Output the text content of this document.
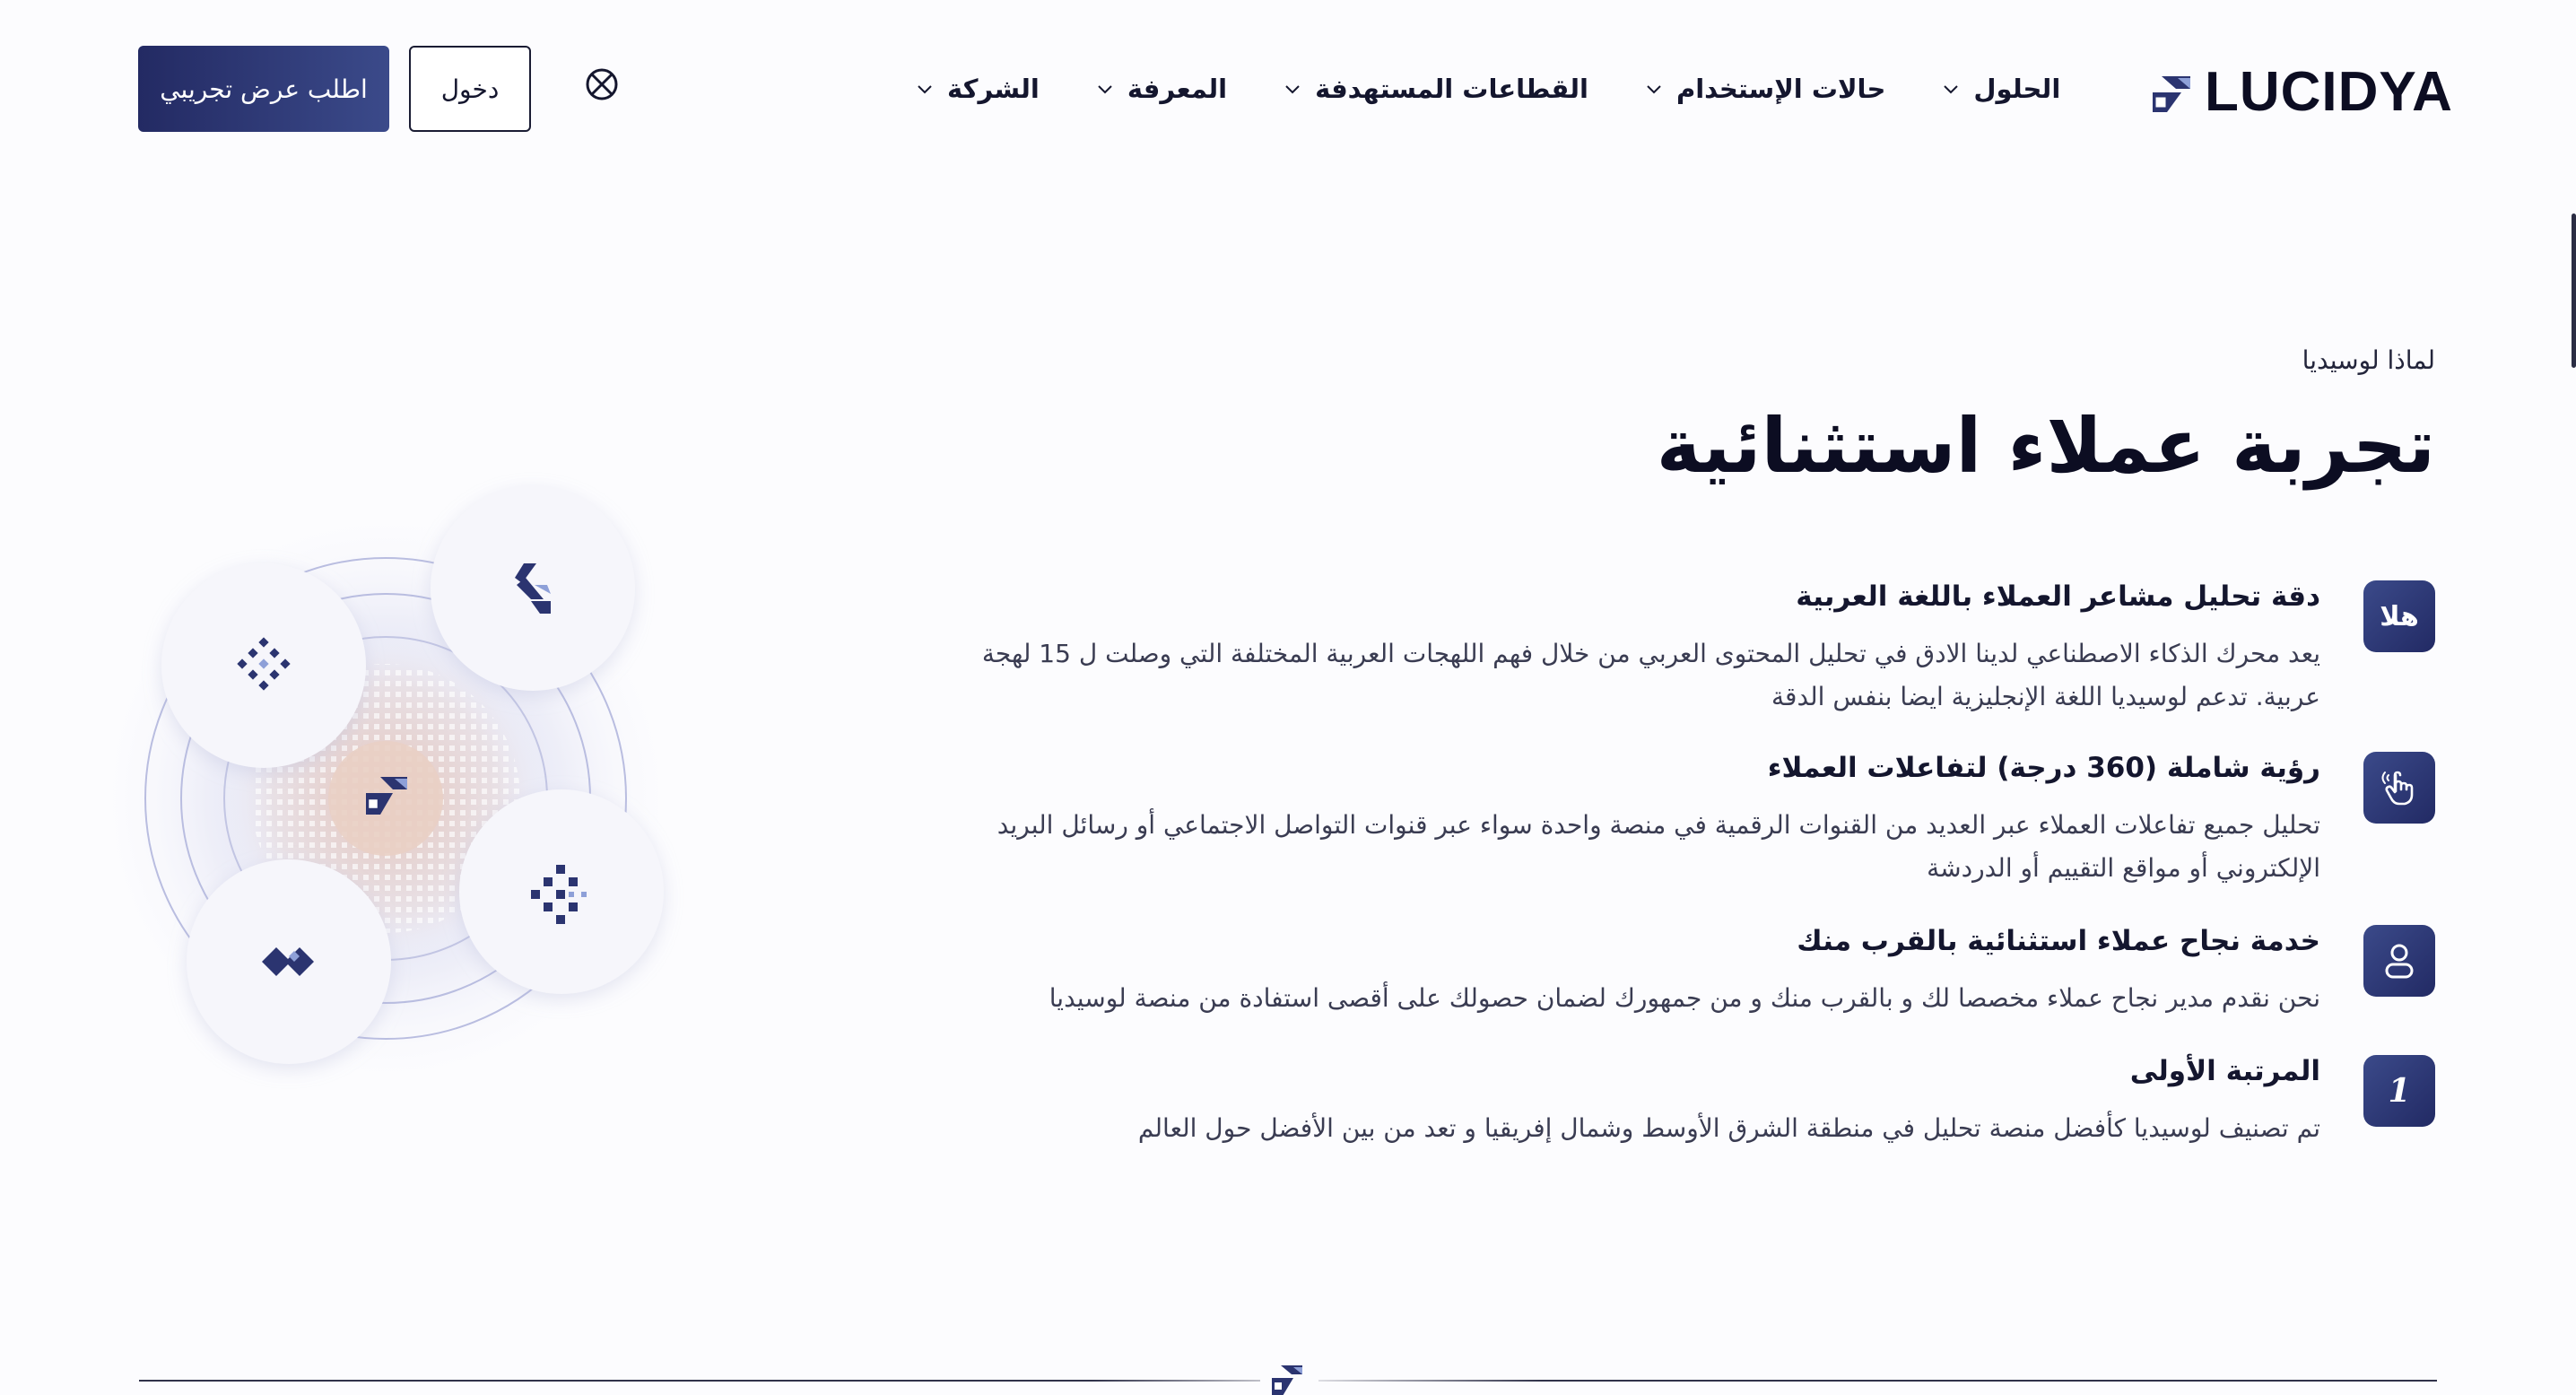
LUCIDYA
الحلول
حالات الإستخدام
القطاعات المستهدفة
المعرفة
الشركة
دخول
اطلب عرض تجريبي
لماذا لوسيديا
تجربة عملاء استثنائية
هلا
دقة تحليل مشاعر العملاء باللغة العربية
يعد محرك الذكاء الاصطناعي لدينا الادق في تحليل المحتوى العربي من خلال فهم اللهجات العربية المختلفة التي وصلت ل 15 لهجة عربية. تدعم لوسيديا اللغة الإنجليزية ايضا بنفس الدقة
رؤية شاملة (360 درجة) لتفاعلات العملاء
تحليل جميع تفاعلات العملاء عبر العديد من القنوات الرقمية في منصة واحدة سواء عبر قنوات التواصل الاجتماعي أو رسائل البريد الإلكتروني أو مواقع التقييم أو الدردشة
خدمة نجاح عملاء استثنائية بالقرب منك
نحن نقدم مدير نجاح عملاء مخصصا لك و بالقرب منك و من جمهورك لضمان حصولك على أقصى استفادة من منصة لوسيديا
1
المرتبة الأولى
تم تصنيف لوسيديا كأفضل منصة تحليل في منطقة الشرق الأوسط وشمال إفريقيا و تعد من بين الأفضل حول العالم
